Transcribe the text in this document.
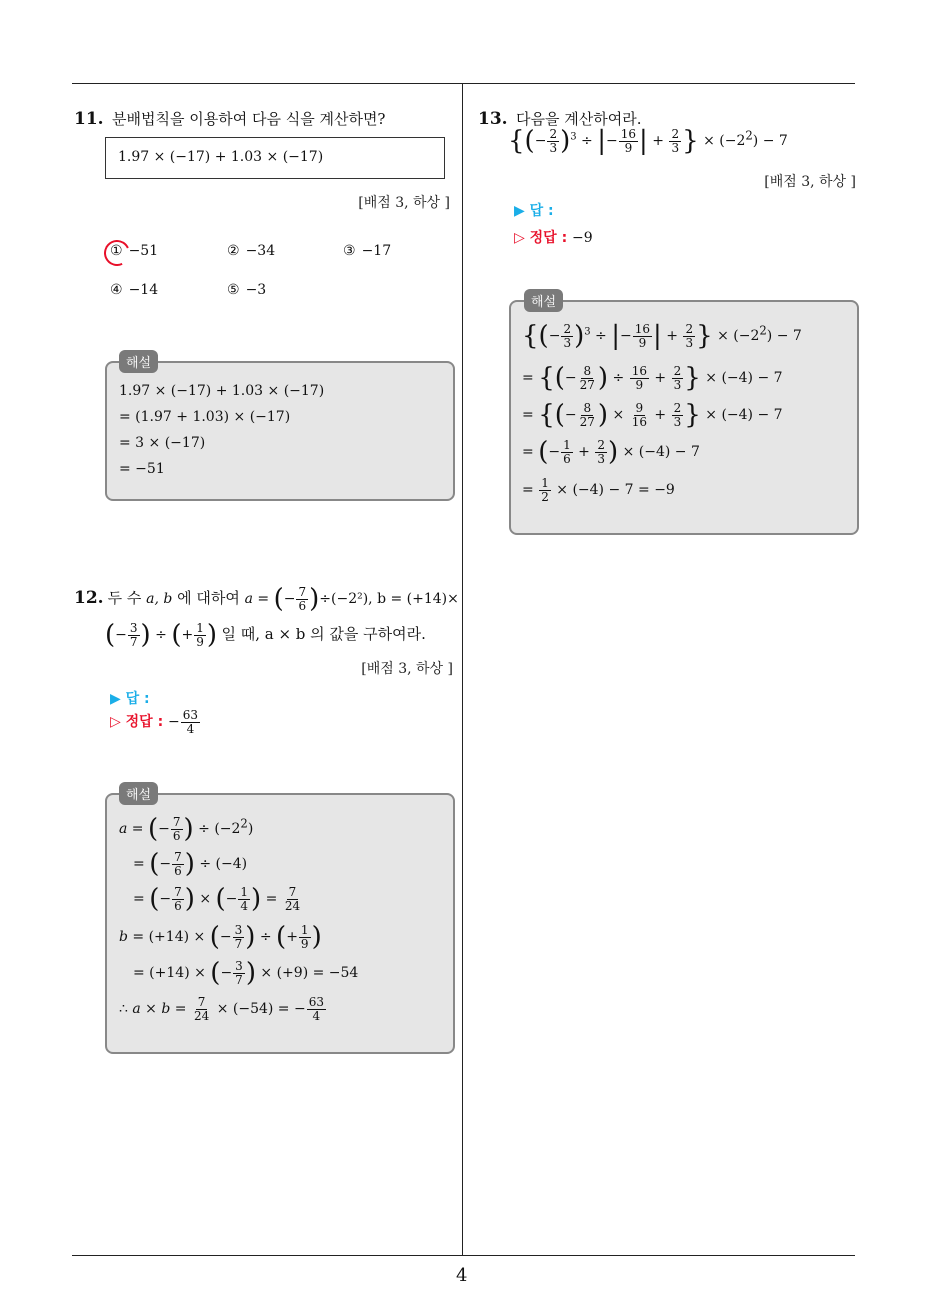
11. 분배법칙을 이용하여 다음 식을 계산하면?
1.97 × (−17) + 1.03 × (−17)
[배점 3, 하상 ]
① −51	② −34	③ −17
④ −14	⑤ −3
해설
1.97 × (−17) + 1.03 × (−17)
= (1.97 + 1.03) × (−17)
= 3 × (−17)
= −51
12. 두 수 a, b 에 대하여 a = (− $\frac{7}{6} )\div(-2^2)$, b = (+14)×
(− $\frac{3}{7}$ ) ÷ (+ $\frac{1}{9}$ ) 일 때, a × b 의 값을 구하여라.
[배점 3, 하상 ]
▶ 답 :
▷ 정답 : − $\frac{63}{4}$
해설
a = (− $\frac{7}{6}$ ) ÷ $(-2^2)$
= (− $\frac{7}{6}$ ) ÷ (−4)
= (− $\frac{7}{6}$ ) × (− $\frac{1}{4}$ ) = $\frac{7}{24}$
b = (+14) × (− $\frac{3}{7}$ ) ÷ (+ $\frac{1}{9}$ )
= (+14) × (− $\frac{3}{7}$ ) × (+9) = −54
∴ $a \times b = \frac{7}{24} \times (-54)$ = − $\frac{63}{4}$
13. 다음을 계산하여라.
{(− $\frac{2}{3} )^3$ ÷ |− $\frac{16}{9}$ | + $\frac{2}{3}$ } × $(-2^2) - 7$
[배점 3, 하상 ]
▶ 답 :
▷ 정답 : −9
해설
{(− $\frac{2}{3} )^3$ ÷ |− $\frac{16}{9}$ | + $\frac{2}{3}$ } × $(-2^2) - 7$
= {(− $\frac{8}{27}$ ) ÷ $\frac{16}{9} + \frac{2}{3}$ } × (−4) − 7
= {(− $\frac{8}{27}$ ) × $\frac{9}{16} + \frac{2}{3}$ } × (−4) − 7
= (− $\frac{1}{6} + \frac{2}{3}$ ) × (−4) − 7
= $\frac{1}{2} \times (-4) - 7 = -9$
4
